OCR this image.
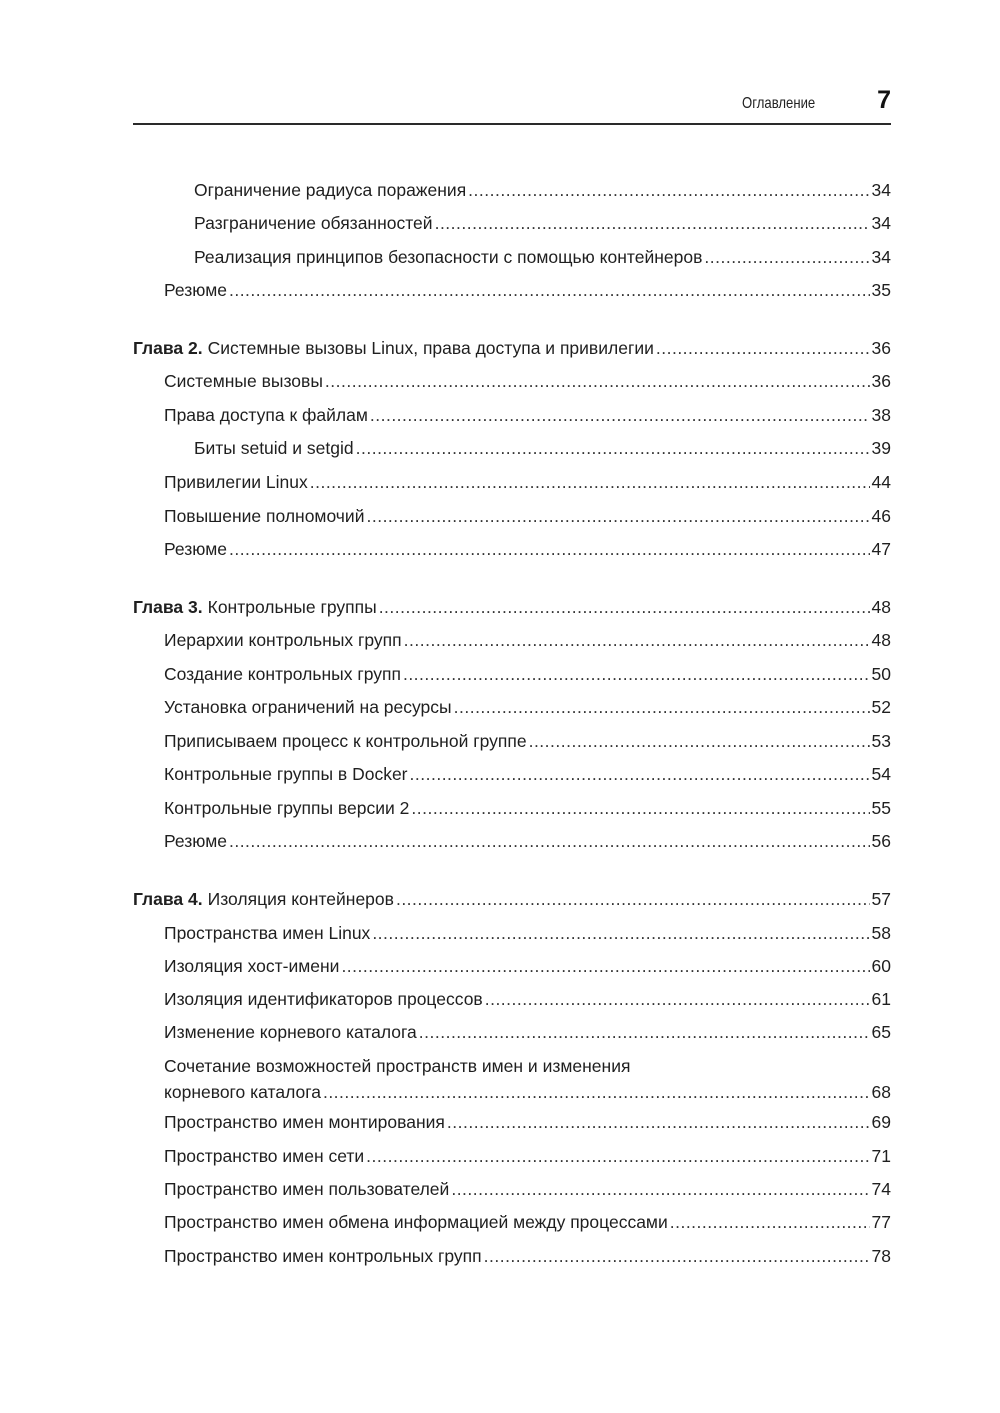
Оглавление 7
Ограничение радиуса поражения .....	34
Разграничение обязанностей .....	34
Реализация принципов безопасности с помощью контейнеров .....	34
Резюме .....	35
Глава 2. Системные вызовы Linux, права доступа и привилегии .....	36
Системные вызовы .....	36
Права доступа к файлам .....	38
Биты setuid и setgid .....	39
Привилегии Linux .....	44
Повышение полномочий .....	46
Резюме .....	47
Глава 3. Контрольные группы .....	48
Иерархии контрольных групп .....	48
Создание контрольных групп .....	50
Установка ограничений на ресурсы .....	52
Приписываем процесс к контрольной группе .....	53
Контрольные группы в Docker .....	54
Контрольные группы версии 2 .....	55
Резюме .....	56
Глава 4. Изоляция контейнеров .....	57
Пространства имен Linux .....	58
Изоляция хост-имени .....	60
Изоляция идентификаторов процессов .....	61
Изменение корневого каталога .....	65
Сочетание возможностей пространств имен и изменения
корневого каталога .....	68
Пространство имен монтирования .....	69
Пространство имен сети .....	71
Пространство имен пользователей .....	74
Пространство имен обмена информацией между процессами .....	77
Пространство имен контрольных групп .....	78
